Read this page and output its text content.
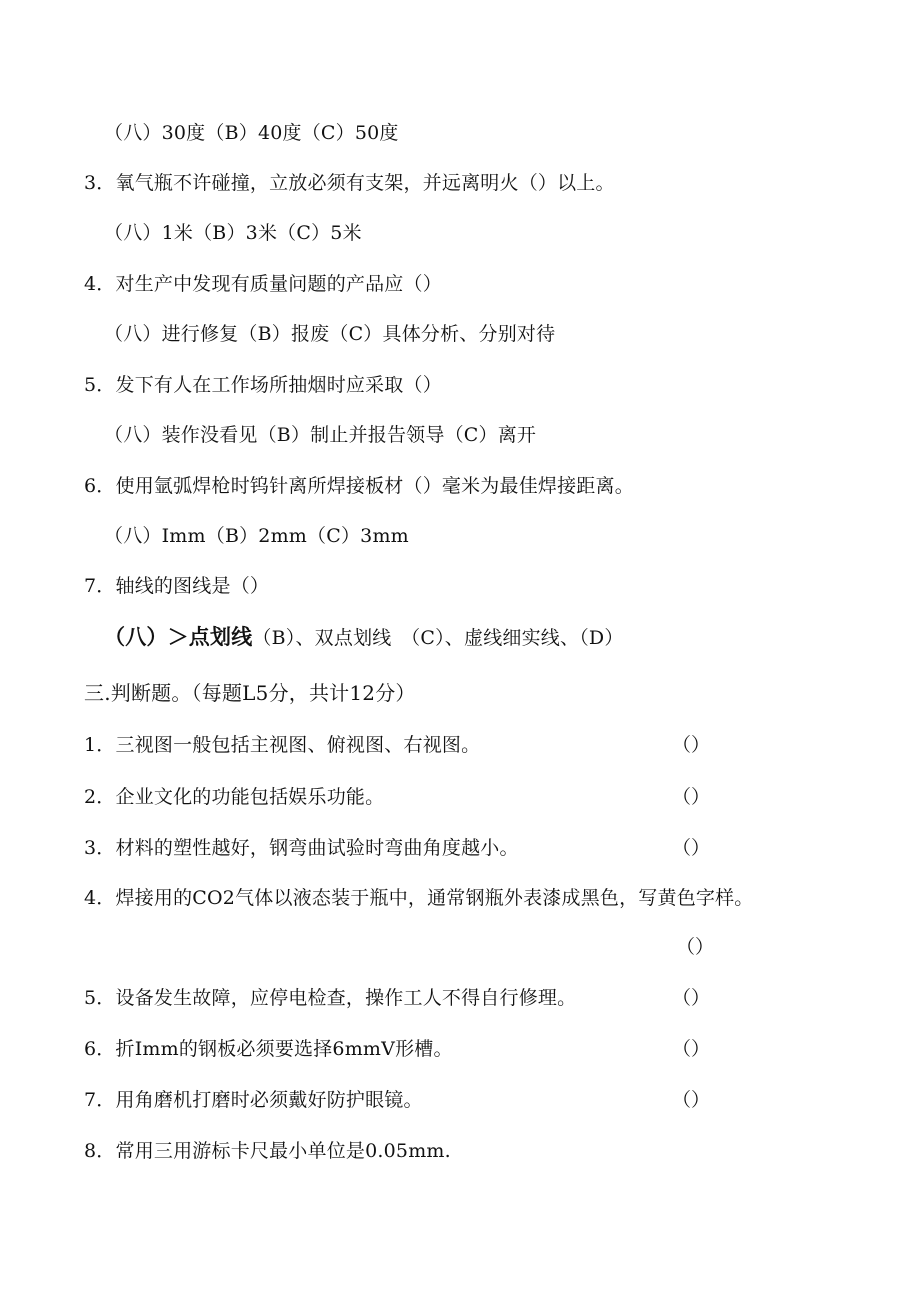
（八）30度（B）40度（C）50度
3．氧气瓶不许碰撞，立放必须有支架，并远离明火（）以上。
（八）1米（B）3米（C）5米
4．对生产中发现有质量问题的产品应（）
（八）进行修复（B）报废（C）具体分析、分别对待
5．发下有人在工作场所抽烟时应采取（）
（八）装作没看见（B）制止并报告领导（C）离开
6．使用氩弧焊枪时钨针离所焊接板材（）毫米为最佳焊接距离。
（八）Imm（B）2mm（C）3mm
7．轴线的图线是（）
（八）＞点划线（B）、双点划线　（C）、虚线细实线、（D）
三.判断题。（每题L5分，共计12分）
1．三视图一般包括主视图、俯视图、右视图。	（）
2．企业文化的功能包括娱乐功能。	（）
3．材料的塑性越好，钢弯曲试验时弯曲角度越小。	（）
4．焊接用的CO2气体以液态装于瓶中，通常钢瓶外表漆成黑色，写黄色字样。
（）
5．设备发生故障，应停电检查，操作工人不得自行修理。	（）
6．折Imm的钢板必须要选择6mmV形槽。	（）
7．用角磨机打磨时必须戴好防护眼镜。	（）
8．常用三用游标卡尺最小单位是0.05mm.
